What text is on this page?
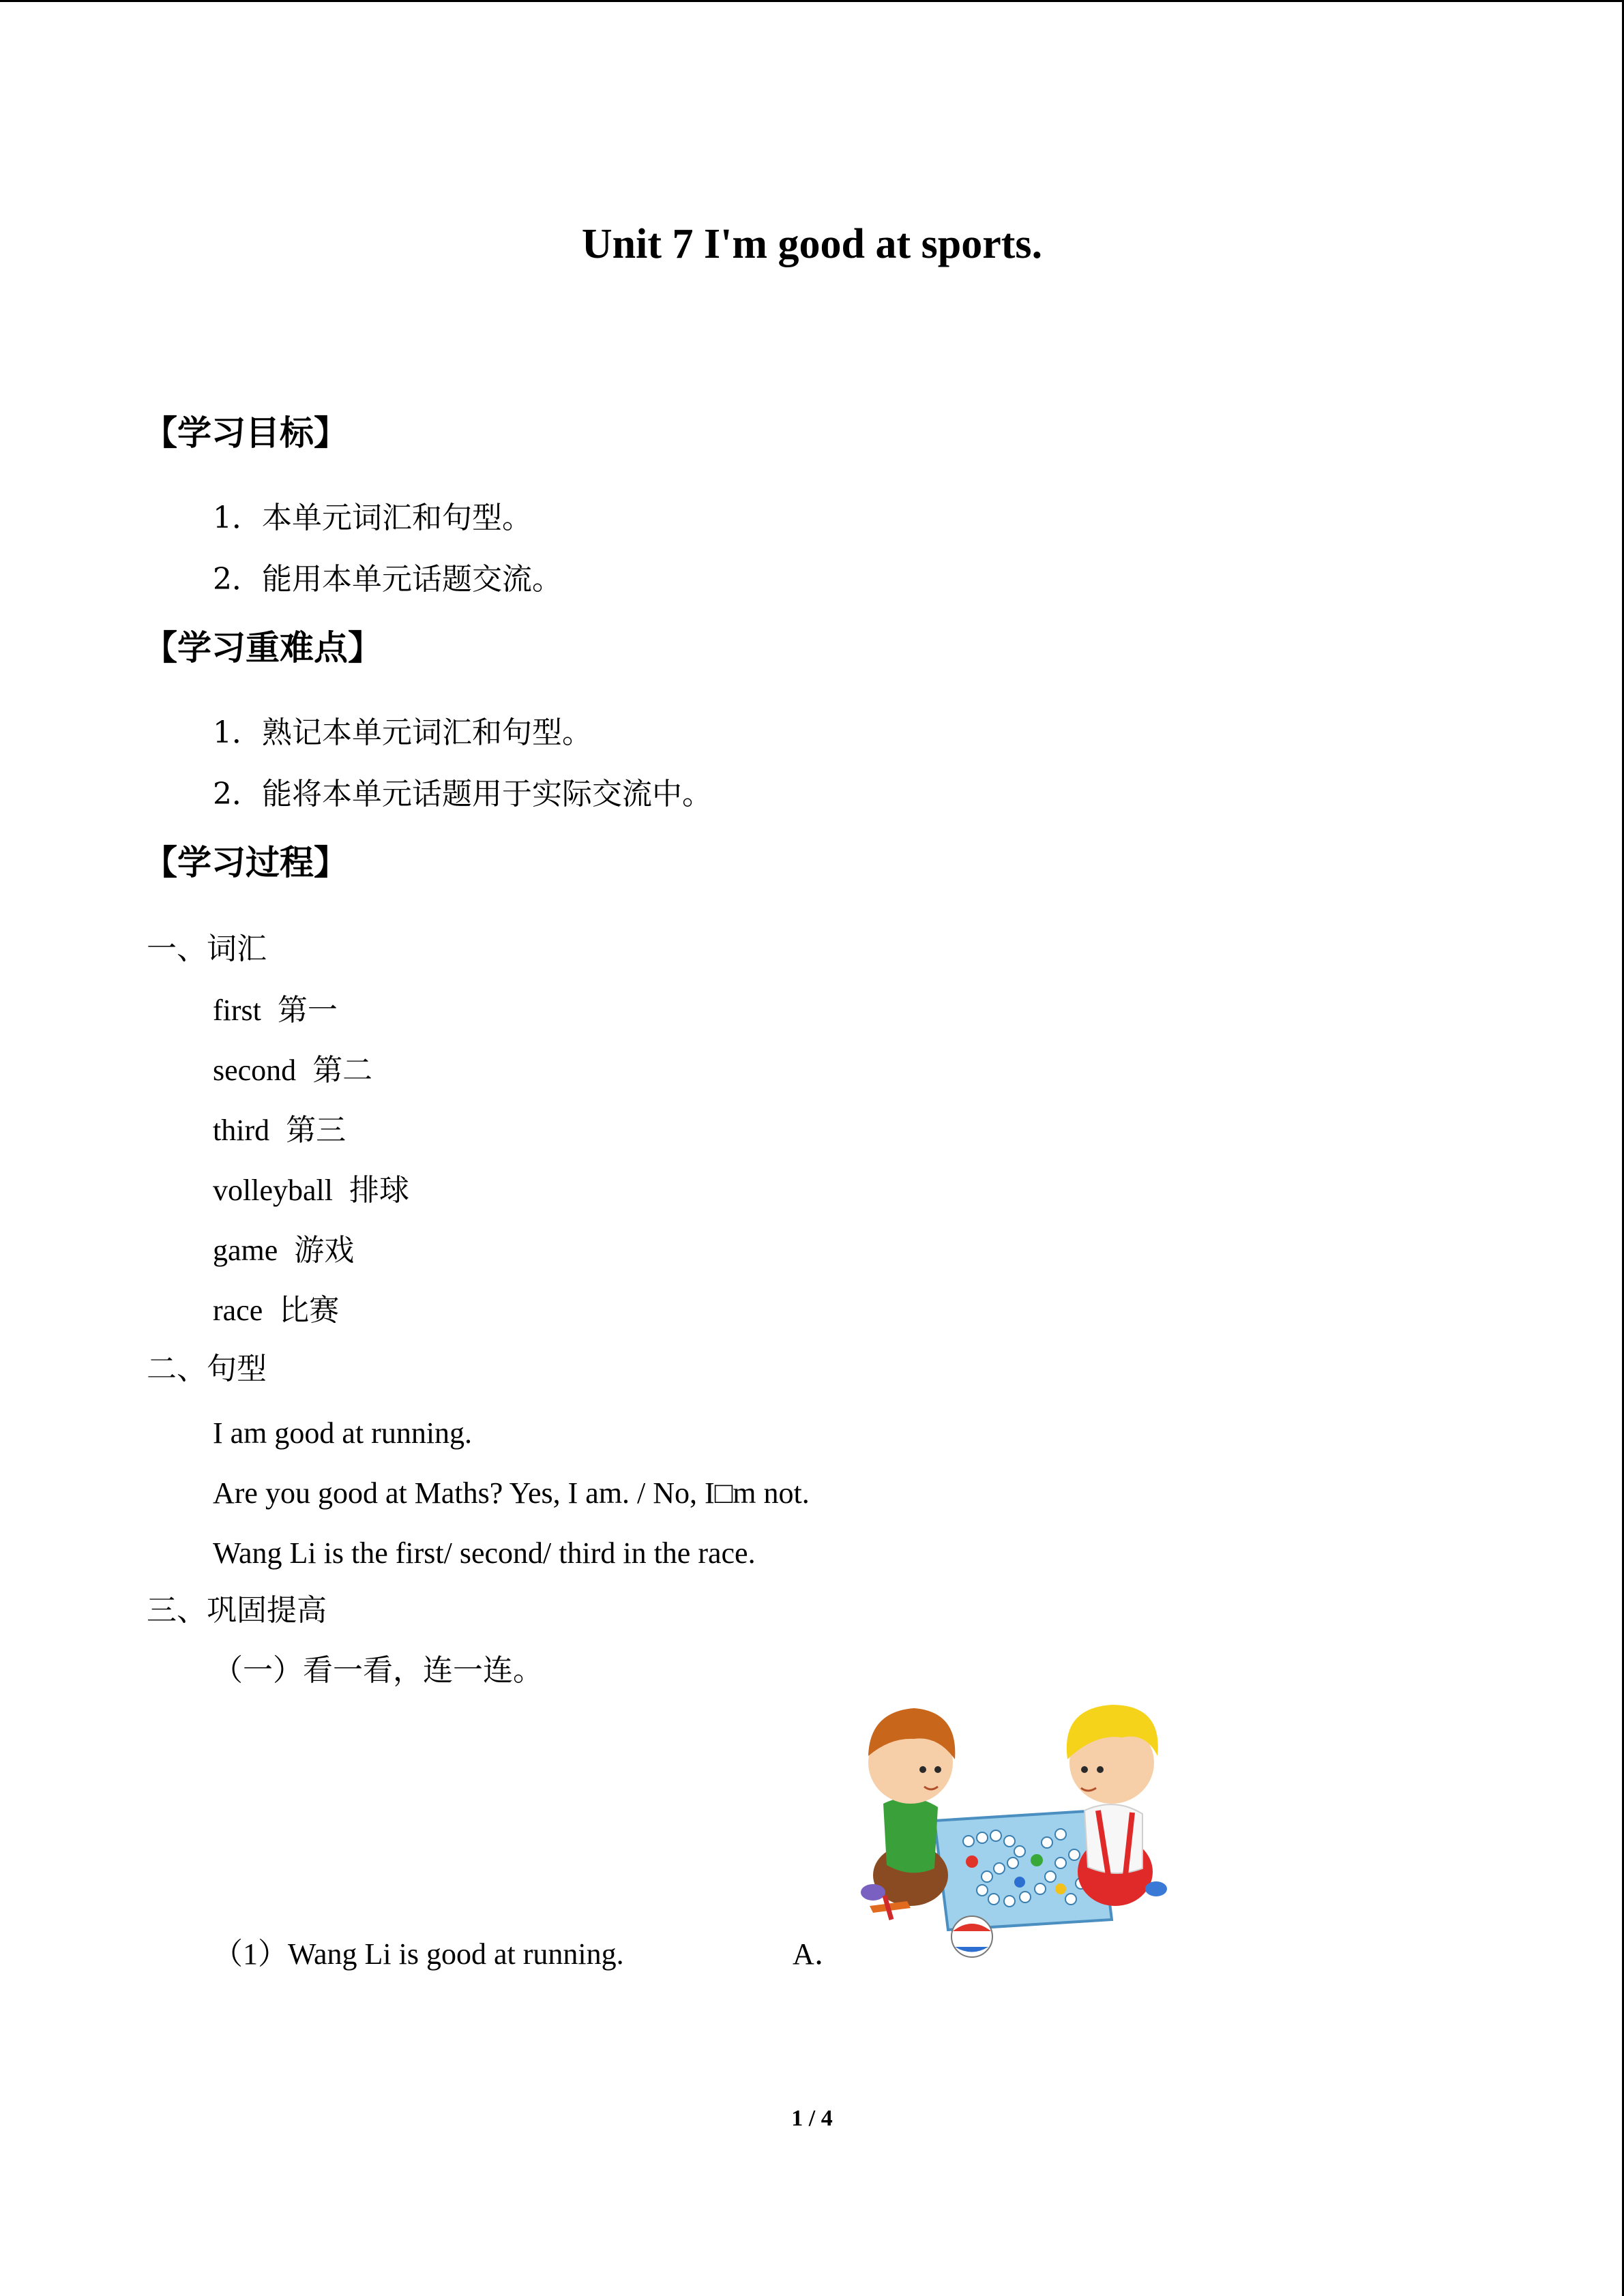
Unit 7 I'm good at sports.
【学习目标】
1．本单元词汇和句型。
2．能用本单元话题交流。
【学习重难点】
1．熟记本单元词汇和句型。
2．能将本单元话题用于实际交流中。
【学习过程】
一、词汇
first 第一
second 第二
third 第三
volleyball 排球
game 游戏
race 比赛
二、句型
I am good at running.
Are you good at Maths? Yes, I am. / No, I□m not.
Wang Li is the first/ second/ third in the race.
三、巩固提高
（一）看一看，连一连。
（1）Wang Li is good at running.	A．
1 / 4
